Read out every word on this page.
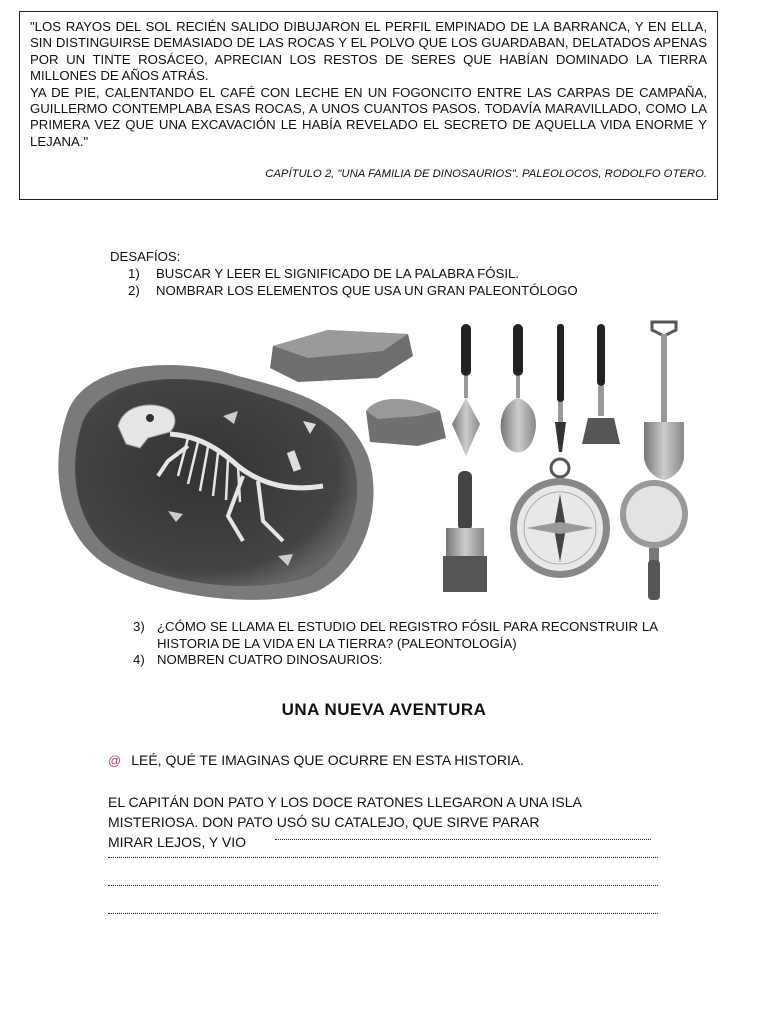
"LOS RAYOS DEL SOL RECIÉN SALIDO DIBUJARON EL PERFIL EMPINADO DE LA BARRANCA, Y EN ELLA, SIN DISTINGUIRSE DEMASIADO DE LAS ROCAS Y EL POLVO QUE LOS GUARDABAN, DELATADOS APENAS POR UN TINTE ROSÁCEO, APRECIAN LOS RESTOS DE SERES QUE HABÍAN DOMINADO LA TIERRA MILLONES DE AÑOS ATRÁS.

YA DE PIE, CALENTANDO EL CAFÉ CON LECHE EN UN FOGONCITO ENTRE LAS CARPAS DE CAMPAÑA, GUILLERMO CONTEMPLABA ESAS ROCAS, A UNOS CUANTOS PASOS. TODAVÍA MARAVILLADO, COMO LA PRIMERA VEZ QUE UNA EXCAVACIÓN LE HABÍA REVELADO EL SECRETO DE AQUELLA VIDA ENORME Y LEJANA."

CAPÍTULO 2, "UNA FAMILIA DE DINOSAURIOS". PALEOLOCOS, RODOLFO OTERO.

DESAFÍOS:

1) BUSCAR Y LEER EL SIGNIFICADO DE LA PALABRA FÓSIL.
2) NOMBRAR LOS ELEMENTOS QUE USA UN GRAN PALEONTÓLOGO
3) ¿CÓMO SE LLAMA EL ESTUDIO DEL REGISTRO FÓSIL PARA RECONSTRUIR LA HISTORIA DE LA VIDA EN LA TIERRA? (PALEONTOLOGÍA)
4) NOMBREN CUATRO DINOSAURIOS:
UNA NUEVA AVENTURA
@ LEÉ, QUÉ TE IMAGINAS QUE OCURRE EN ESTA HISTORIA.

EL CAPITÁN DON PATO Y LOS DOCE RATONES LLEGARON A UNA ISLA

MISTERIOSA. DON PATO USÓ SU CATALEJO, QUE SIRVE PARAR

MIRAR LEJOS, Y VIO
